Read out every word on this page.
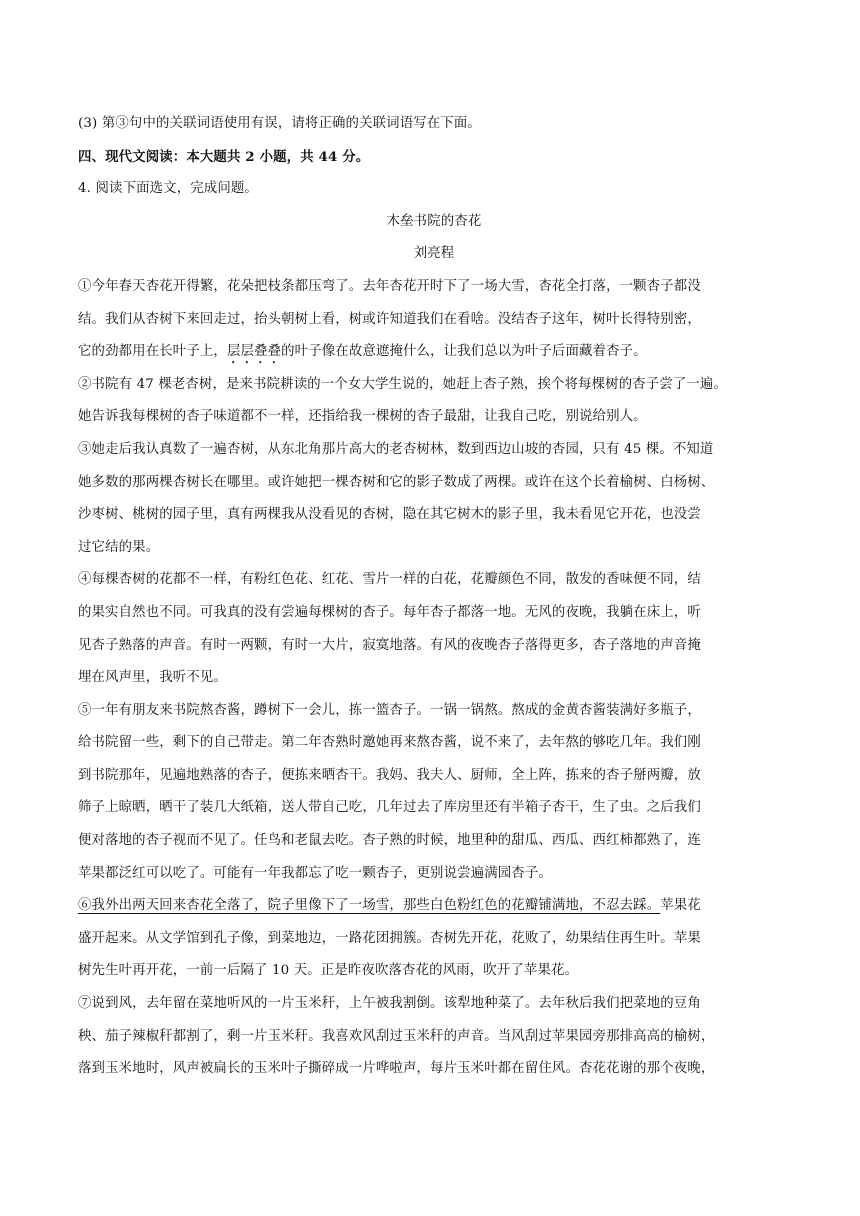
(3) 第③句中的关联词语使用有误，请将正确的关联词语写在下面。
四、现代文阅读：本大题共 2 小题，共 44 分。
4. 阅读下面选文，完成问题。
木垒书院的杏花
刘亮程
①今年春天杏花开得繁，花朵把枝条都压弯了。去年杏花开时下了一场大雪，杏花全打落，一颗杏子都没
结。我们从杏树下来回走过，抬头朝树上看，树或许知道我们在看啥。没结杏子这年，树叶长得特别密，
它的劲都用在长叶子上，层层叠叠的叶子像在故意遮掩什么，让我们总以为叶子后面藏着杏子。
②书院有 47 棵老杏树，是来书院耕读的一个女大学生说的，她赶上杏子熟，挨个将每棵树的杏子尝了一遍。
她告诉我每棵树的杏子味道都不一样，还指给我一棵树的杏子最甜，让我自己吃，别说给别人。
③她走后我认真数了一遍杏树，从东北角那片高大的老杏树林，数到西边山坡的杏园，只有 45 棵。不知道
她多数的那两棵杏树长在哪里。或许她把一棵杏树和它的影子数成了两棵。或许在这个长着榆树、白杨树、
沙枣树、桃树的园子里，真有两棵我从没看见的杏树，隐在其它树木的影子里，我未看见它开花，也没尝
过它结的果。
④每棵杏树的花都不一样，有粉红色花、红花、雪片一样的白花，花瓣颜色不同，散发的香味便不同，结
的果实自然也不同。可我真的没有尝遍每棵树的杏子。每年杏子都落一地。无风的夜晚，我躺在床上，听
见杏子熟落的声音。有时一两颗，有时一大片，寂寞地落。有风的夜晚杏子落得更多，杏子落地的声音掩
埋在风声里，我听不见。
⑤一年有朋友来书院熬杏酱，蹲树下一会儿，拣一篮杏子。一锅一锅熬。熬成的金黄杏酱装满好多瓶子，
给书院留一些，剩下的自己带走。第二年杏熟时邀她再来熬杏酱，说不来了，去年熬的够吃几年。我们刚
到书院那年，见遍地熟落的杏子，便拣来晒杏干。我妈、我夫人、厨师，全上阵，拣来的杏子掰两瓣，放
筛子上晾晒，晒干了装几大纸箱，送人带自己吃，几年过去了库房里还有半箱子杏干，生了虫。之后我们
便对落地的杏子视而不见了。任鸟和老鼠去吃。杏子熟的时候，地里种的甜瓜、西瓜、西红柿都熟了，连
苹果都泛红可以吃了。可能有一年我都忘了吃一颗杏子，更别说尝遍满园杏子。
⑥我外出两天回来杏花全落了，院子里像下了一场雪，那些白色粉红色的花瓣铺满地，不忍去踩。苹果花
盛开起来。从文学馆到孔子像，到菜地边，一路花团拥簇。杏树先开花，花败了，幼果结住再生叶。苹果
树先生叶再开花，一前一后隔了 10 天。正是昨夜吹落杏花的风雨，吹开了苹果花。
⑦说到风，去年留在菜地听风的一片玉米秆，上午被我割倒。该犁地种菜了。去年秋后我们把菜地的豆角
秧、茄子辣椒秆都割了，剩一片玉米秆。我喜欢风刮过玉米秆的声音。当风刮过苹果园旁那排高高的榆树，
落到玉米地时，风声被扁长的玉米叶子撕碎成一片哗啦声，每片玉米叶都在留住风。杏花花谢的那个夜晚，
